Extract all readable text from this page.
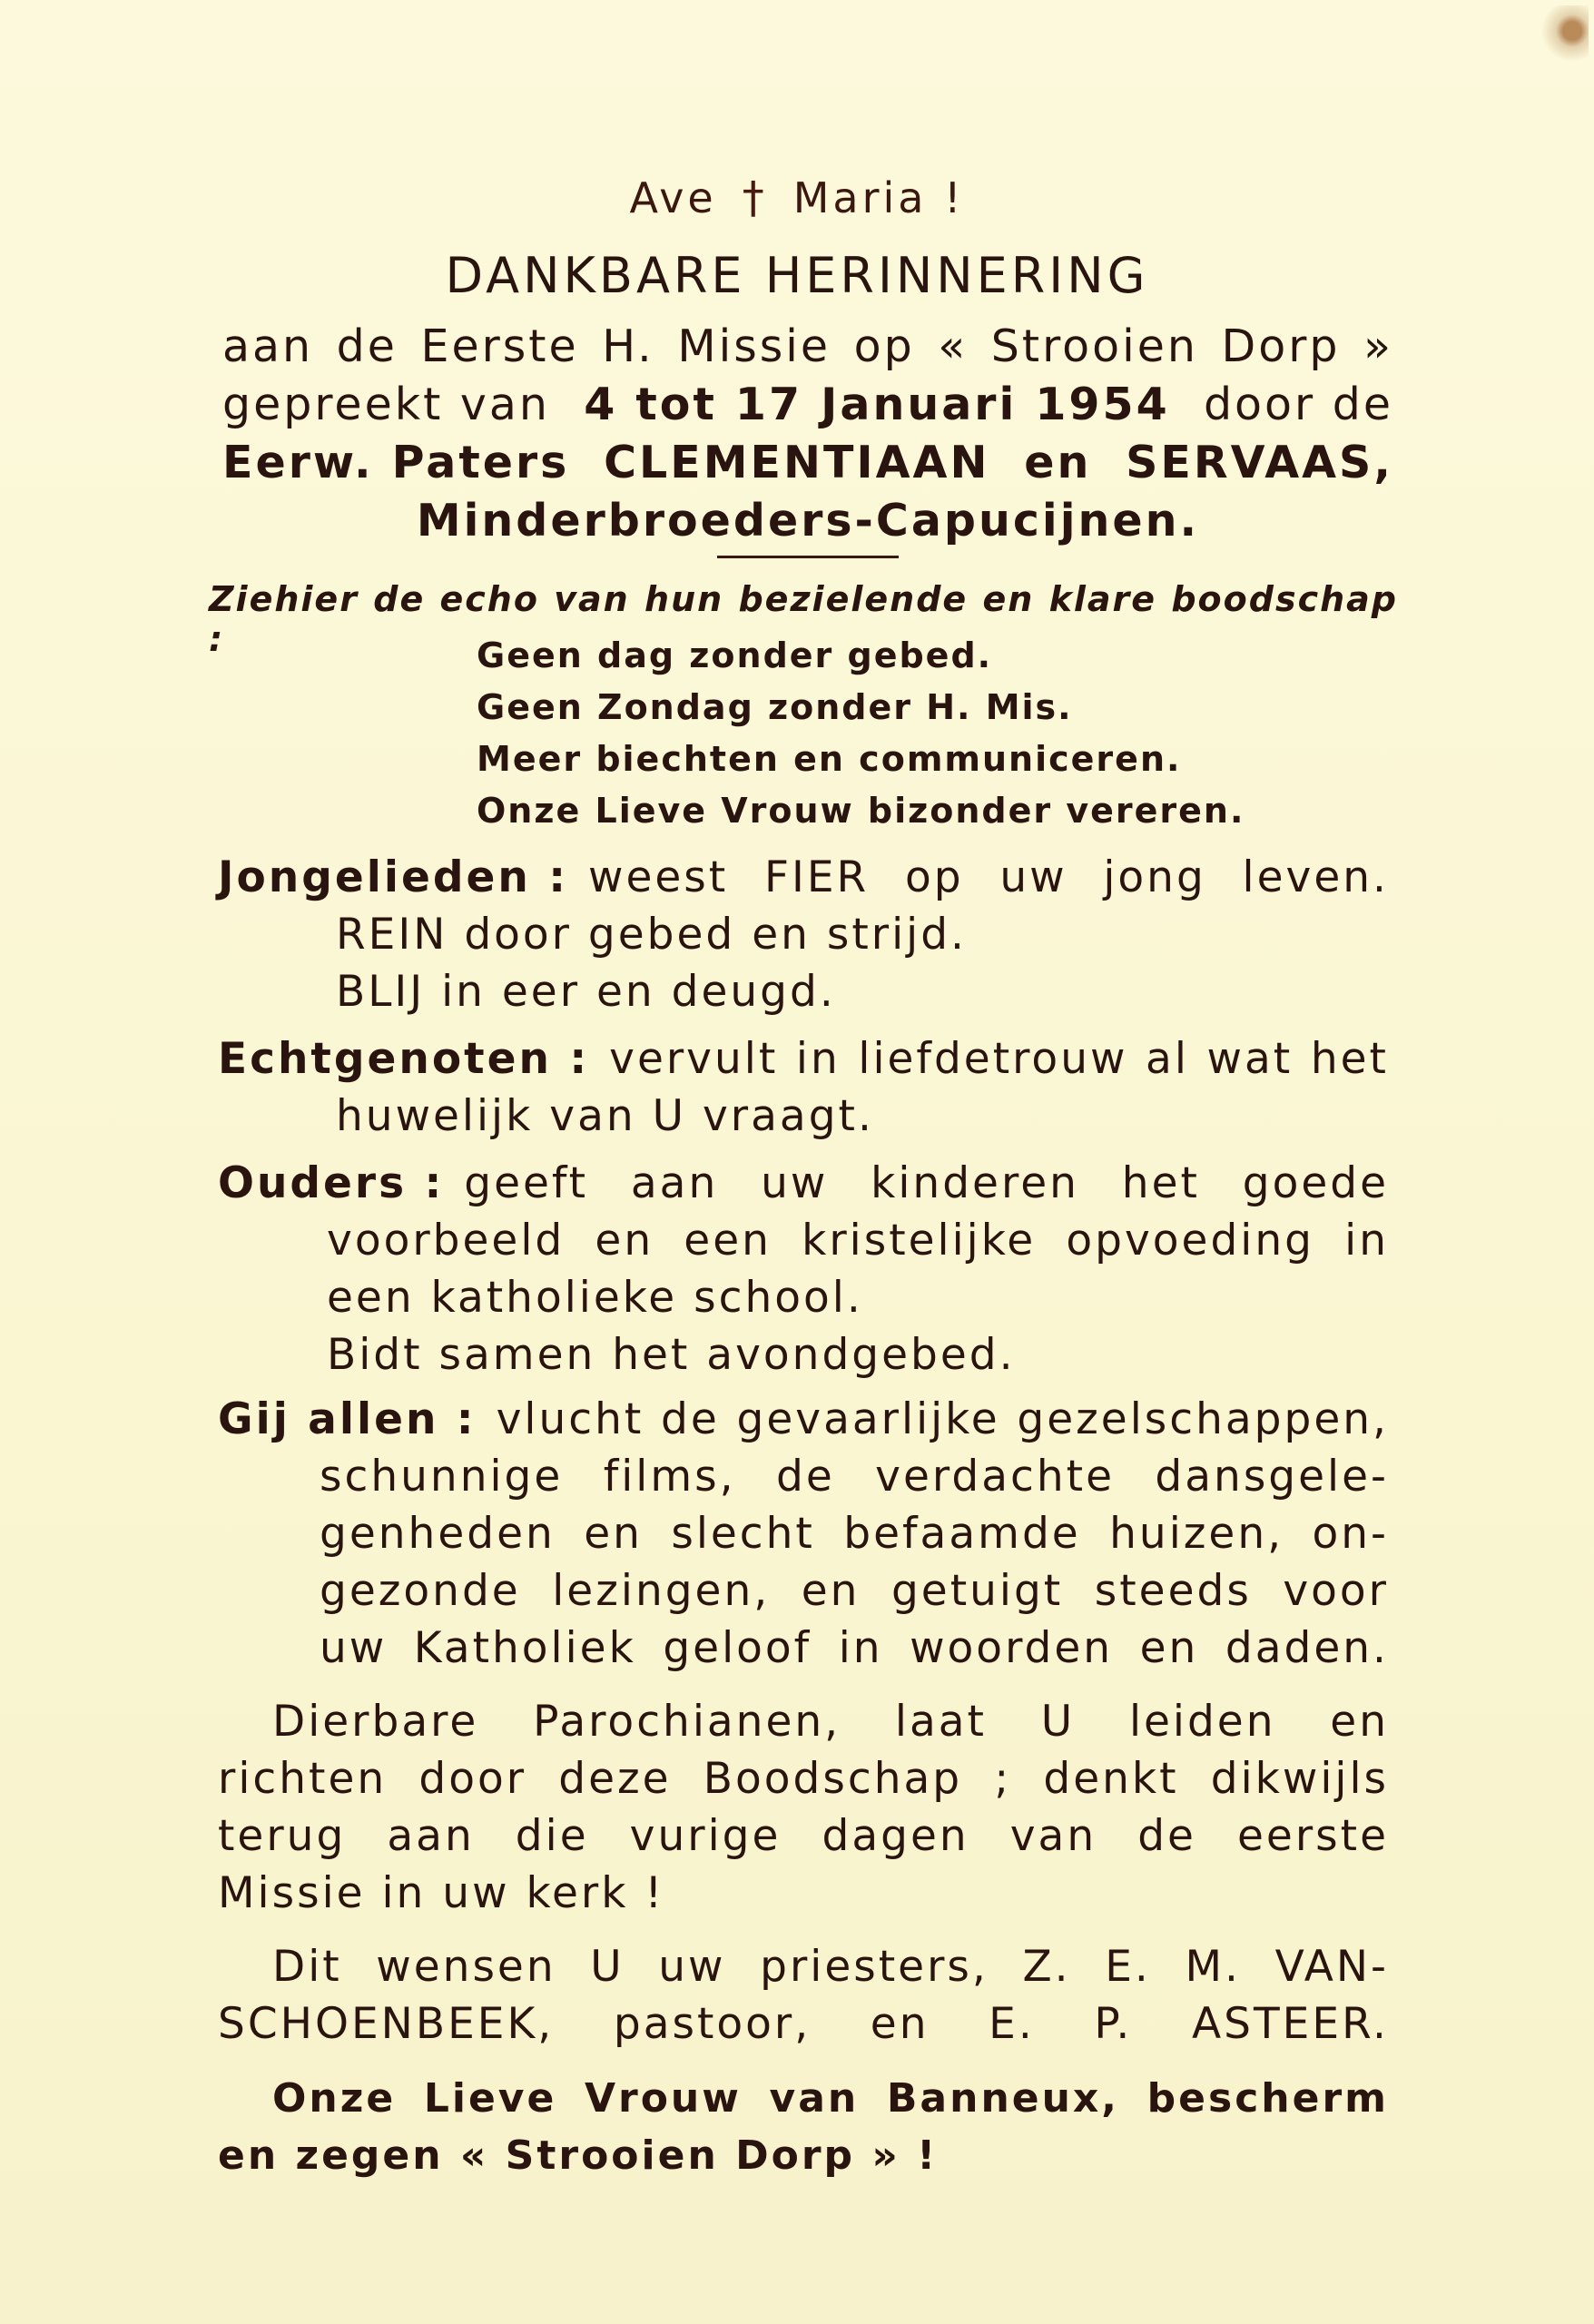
Ave † Maria !
DANKBARE HERINNERING
aan de Eerste H. Missie op « Strooien Dorp »
gepreekt van 4 tot 17 Januari 1954 door de
Eerw. Paters CLEMENTIAAN en SERVAAS,
Minderbroeders-Capucijnen.
Ziehier de echo van hun bezielende en klare boodschap :	Geen dag zonder gebed.
Geen Zondag zonder H. Mis.
Meer biechten en communiceren.
Onze Lieve Vrouw bizonder vereren.
Jongelieden : weest FIER op uw jong leven.
REIN door gebed en strijd.
BLIJ in eer en deugd.
Echtgenoten : vervult in liefdetrouw al wat het
huwelijk van U vraagt.
Ouders : geeft aan uw kinderen het goede
voorbeeld en een kristelijke opvoeding in
een katholieke school.
Bidt samen het avondgebed.
Gij allen : vlucht de gevaarlijke gezelschappen,
schunnige films, de verdachte dansgele-
genheden en slecht befaamde huizen, on-
gezonde lezingen, en getuigt steeds voor
uw Katholiek geloof in woorden en daden.
Dierbare Parochianen, laat U leiden en
richten door deze Boodschap ; denkt dikwijls
terug aan die vurige dagen van de eerste
Missie in uw kerk !
Dit wensen U uw priesters, Z. E. M. VAN-
SCHOENBEEK, pastoor, en E. P. ASTEER.
Onze Lieve Vrouw van Banneux, bescherm
en zegen « Strooien Dorp » !
